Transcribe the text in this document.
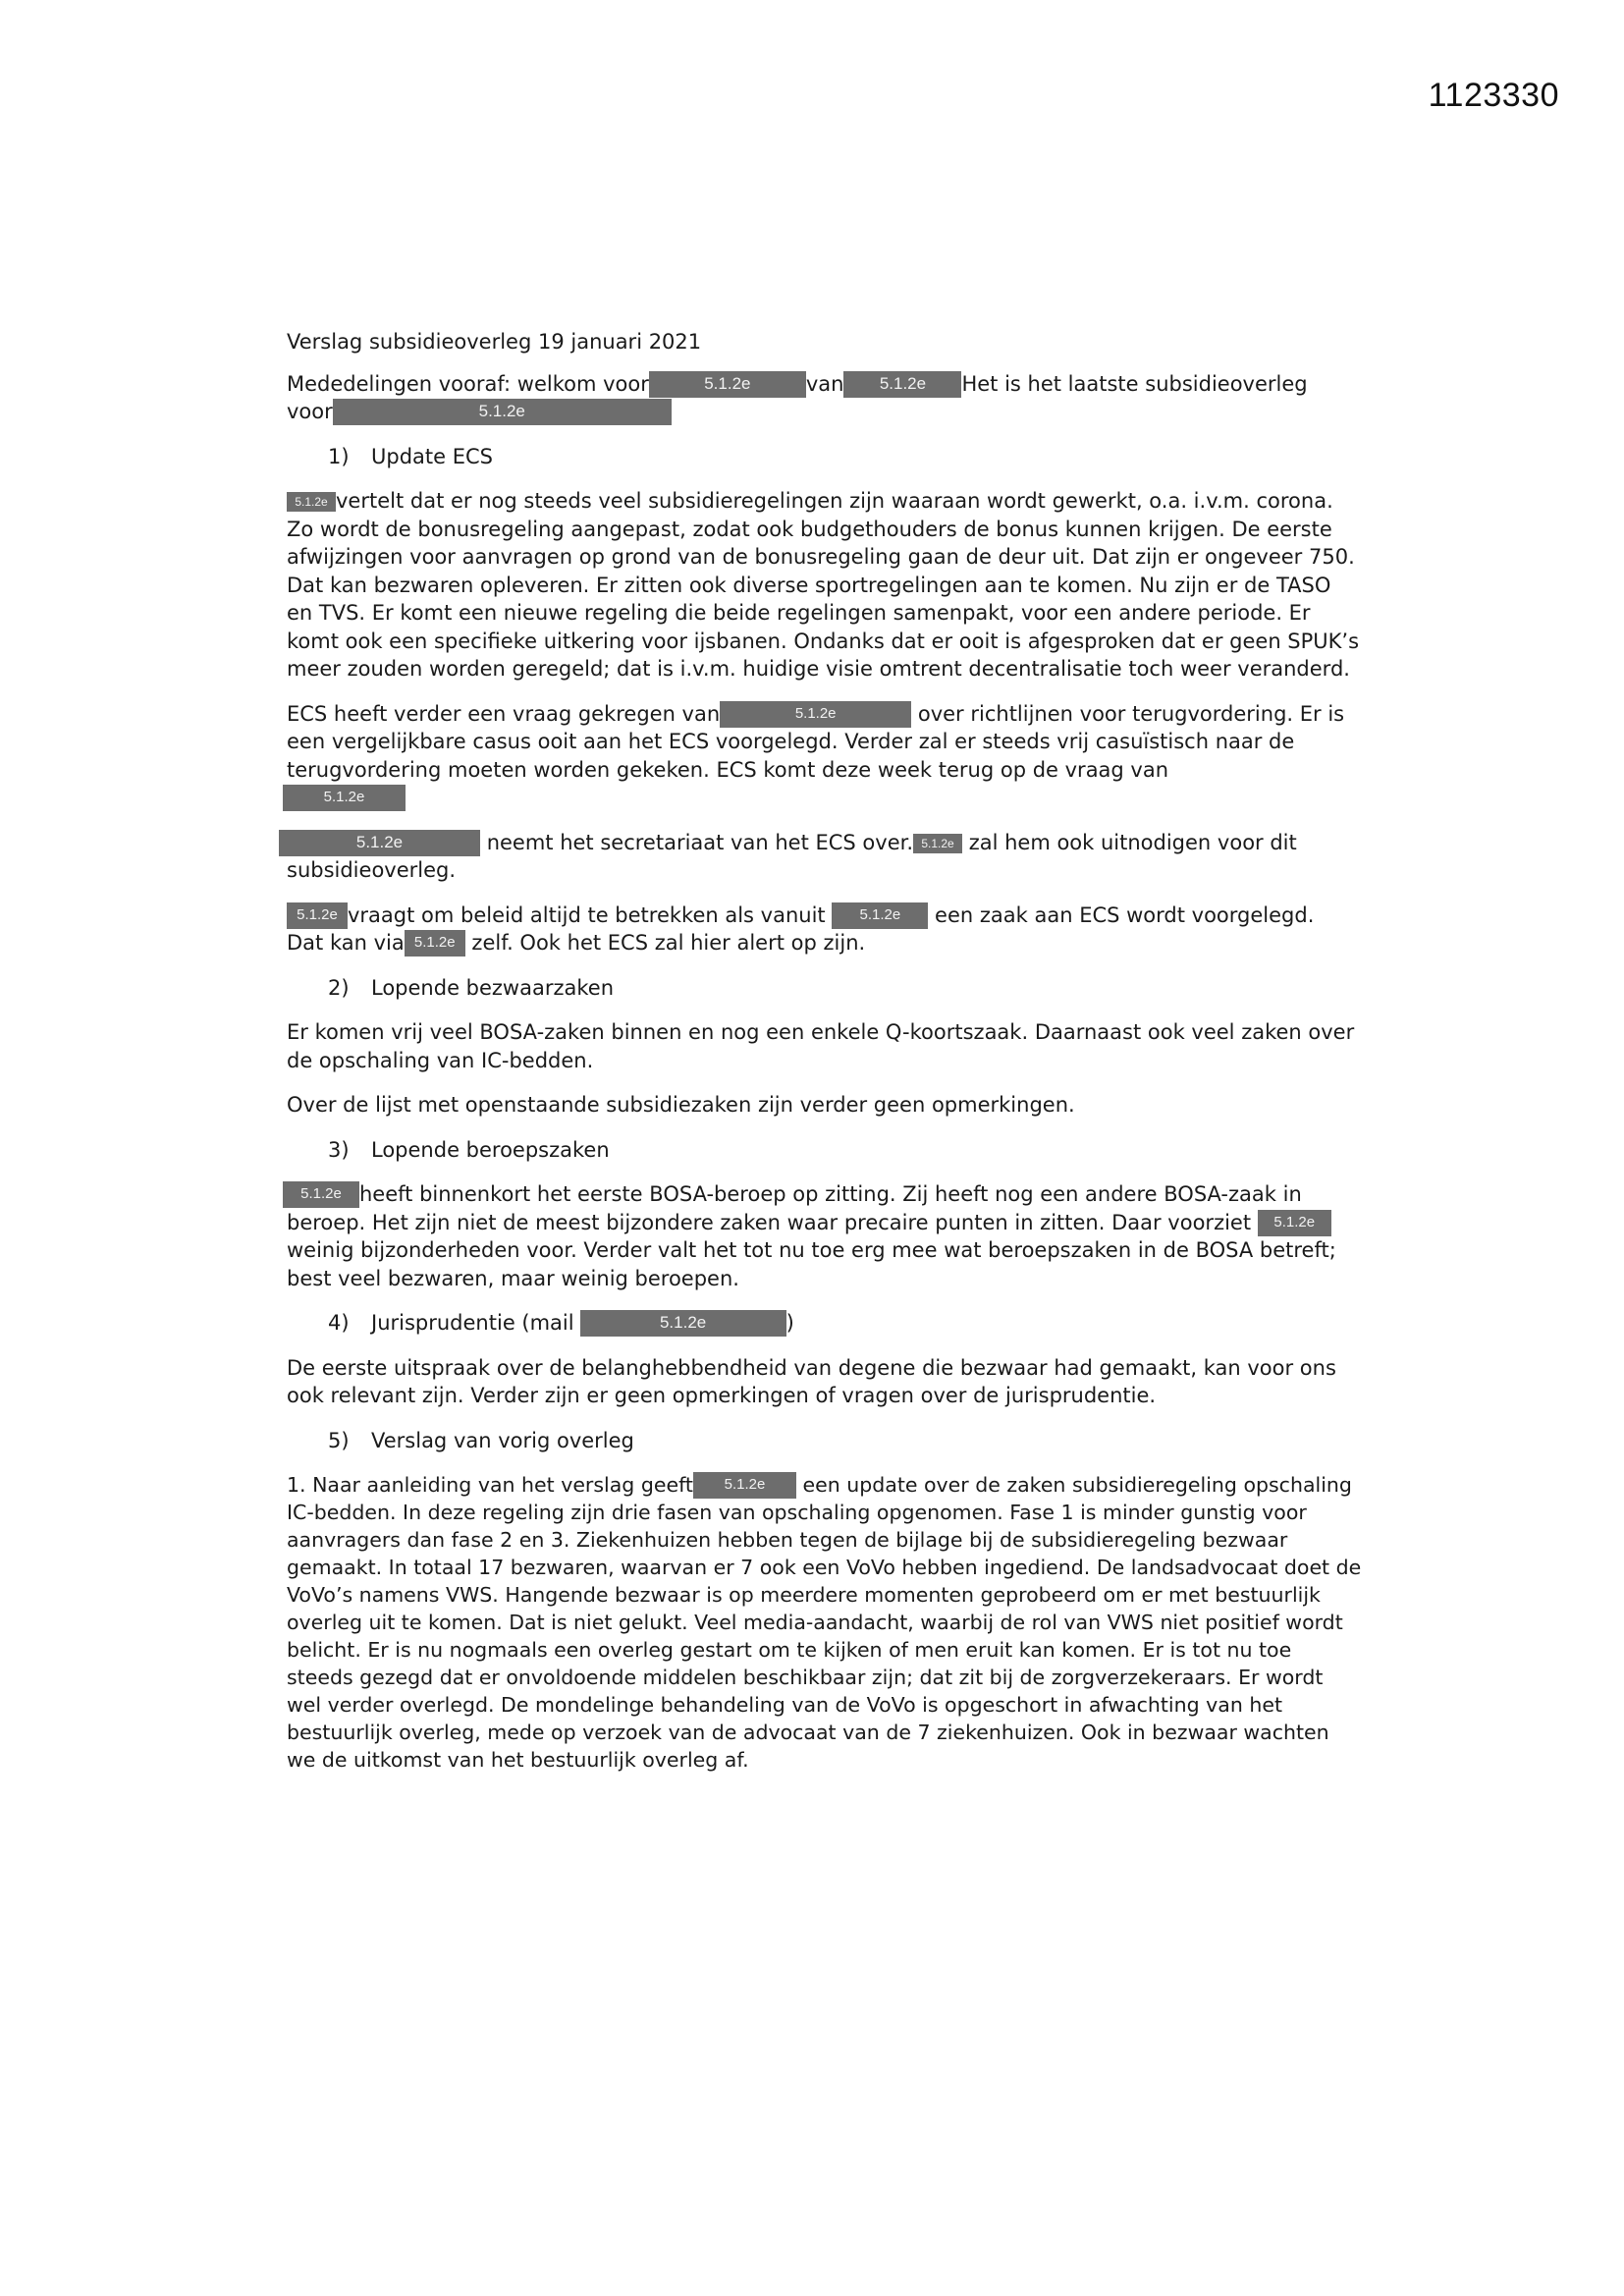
1123330

Verslag subsidieoverleg 19 januari 2021

Mededelingen vooraf: welkom voor	5.1.2e	van 5.1.2e Het is het laatste subsidieoverleg
voor	5.1.2e

1)	Update ECS

5.1.2e vertelt dat er nog steeds veel subsidieregelingen zijn waaraan wordt gewerkt, o.a. i.v.m. corona. Zo wordt de bonusregeling aangepast, zodat ook budgethouders de bonus kunnen krijgen. De eerste afwijzingen voor aanvragen op grond van de bonusregeling gaan de deur uit. Dat zijn er ongeveer 750. Dat kan bezwaren opleveren. Er zitten ook diverse sportregelingen aan te komen. Nu zijn er de TASO en TVS. Er komt een nieuwe regeling die beide regelingen samenpakt, voor een andere periode. Er komt ook een specifieke uitkering voor ijsbanen. Ondanks dat er ooit is afgesproken dat er geen SPUK’s meer zouden worden geregeld; dat is i.v.m. huidige visie omtrent decentralisatie toch weer veranderd.

ECS heeft verder een vraag gekregen van	5.1.2e	over richtlijnen voor terugvordering. Er is een vergelijkbare casus ooit aan het ECS voorgelegd. Verder zal er steeds vrij casuïstisch naar de terugvordering moeten worden gekeken. ECS komt deze week terug op de vraag van
5.1.2e

5.1.2e	neemt het secretariaat van het ECS over. 5.1.2e zal hem ook uitnodigen voor dit subsidieoverleg.

5.1.2e vraagt om beleid altijd te betrekken als vanuit 5.1.2e een zaak aan ECS wordt voorgelegd.
Dat kan via 5.1.2e zelf. Ook het ECS zal hier alert op zijn.

2)	Lopende bezwaarzaken

Er komen vrij veel BOSA-zaken binnen en nog een enkele Q-koortszaak. Daarnaast ook veel zaken over de opschaling van IC-bedden.

Over de lijst met openstaande subsidiezaken zijn verder geen opmerkingen.

3)	Lopende beroepszaken

5.1.2e heeft binnenkort het eerste BOSA-beroep op zitting. Zij heeft nog een andere BOSA-zaak in beroep. Het zijn niet de meest bijzondere zaken waar precaire punten in zitten. Daar voorziet 5.1.2eweinig bijzonderheden voor. Verder valt het tot nu toe erg mee wat beroepszaken in de BOSA betreft; best veel bezwaren, maar weinig beroepen.

4)	Jurisprudentie (mail	5.1.2e	)

De eerste uitspraak over de belanghebbendheid van degene die bezwaar had gemaakt, kan voor ons ook relevant zijn. Verder zijn er geen opmerkingen of vragen over de jurisprudentie.

5)	Verslag van vorig overleg

1. Naar aanleiding van het verslag geeft 5.1.2e een update over de zaken subsidieregeling opschaling IC-bedden. In deze regeling zijn drie fasen van opschaling opgenomen. Fase 1 is minder gunstig voor aanvragers dan fase 2 en 3. Ziekenhuizen hebben tegen de bijlage bij de subsidieregeling bezwaar gemaakt. In totaal 17 bezwaren, waarvan er 7 ook een VoVo hebben ingediend. De landsadvocaat doet de VoVo’s namens VWS. Hangende bezwaar is op meerdere momenten geprobeerd om er met bestuurlijk overleg uit te komen. Dat is niet gelukt. Veel media-aandacht, waarbij de rol van VWS niet positief wordt belicht. Er is nu nogmaals een overleg gestart om te kijken of men eruit kan komen. Er is tot nu toe steeds gezegd dat er onvoldoende middelen beschikbaar zijn; dat zit bij de zorgverzekeraars. Er wordt wel verder overlegd. De mondelinge behandeling van de VoVo is opgeschort in afwachting van het bestuurlijk overleg, mede op verzoek van de advocaat van de 7 ziekenhuizen. Ook in bezwaar wachten we de uitkomst van het bestuurlijk overleg af.
